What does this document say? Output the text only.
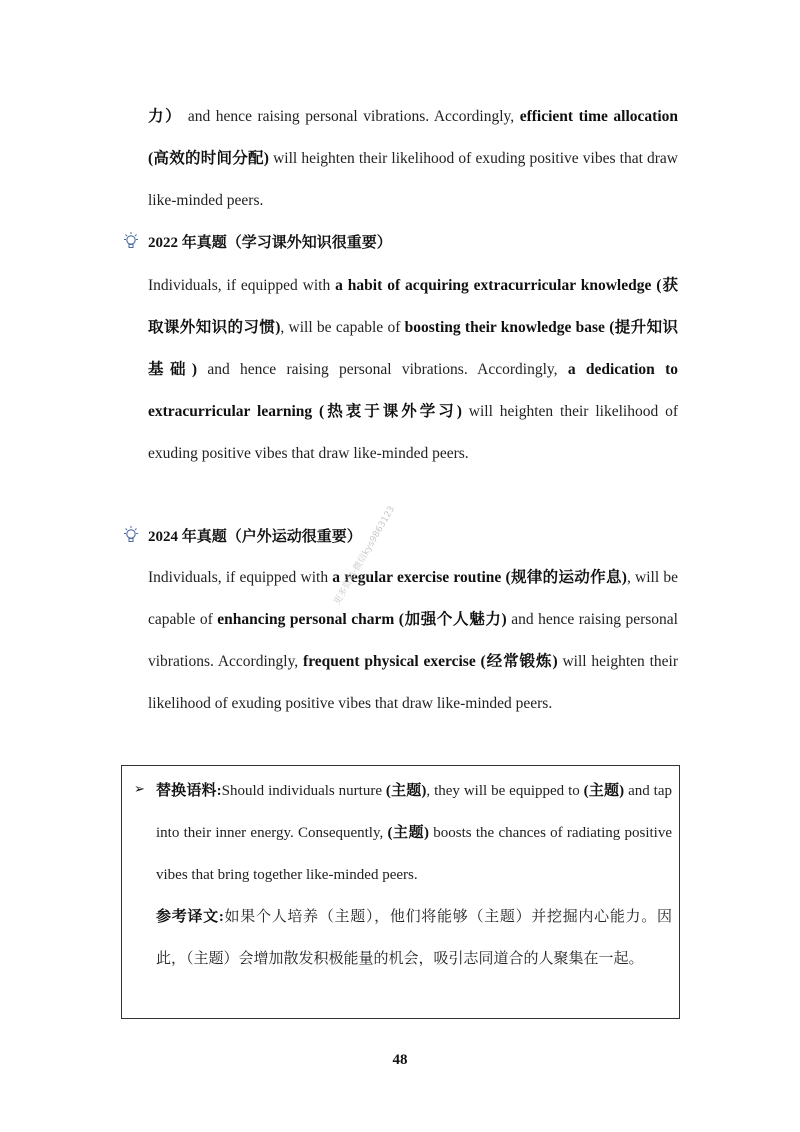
力） and hence raising personal vibrations. Accordingly, efficient time allocation (高效的时间分配) will heighten their likelihood of exuding positive vibes that draw like-minded peers.

2022 年真题（学习课外知识很重要）

Individuals, if equipped with a habit of acquiring extracurricular knowledge (获取课外知识的习惯), will be capable of boosting their knowledge base (提升知识基础) and hence raising personal vibrations. Accordingly, a dedication to extracurricular learning (热衷于课外学习) will heighten their likelihood of exuding positive vibes that draw like-minded peers.

2024 年真题（户外运动很重要）

Individuals, if equipped with a regular exercise routine (规律的运动作息), will be capable of enhancing personal charm (加强个人魅力) and hence raising personal vibrations. Accordingly, frequent physical exercise (经常锻炼) will heighten their likelihood of exuding positive vibes that draw like-minded peers.

➢ 替换语料:Should individuals nurture (主题), they will be equipped to (主题) and tap into their inner energy. Consequently, (主题) boosts the chances of radiating positive vibes that bring together like-minded peers.

参考译文:如果个人培养（主题），他们将能够（主题）并挖掘内心能力。因此，（主题）会增加散发积极能量的机会，吸引志同道合的人聚集在一起。

48
更多资料·微信kys9863123
